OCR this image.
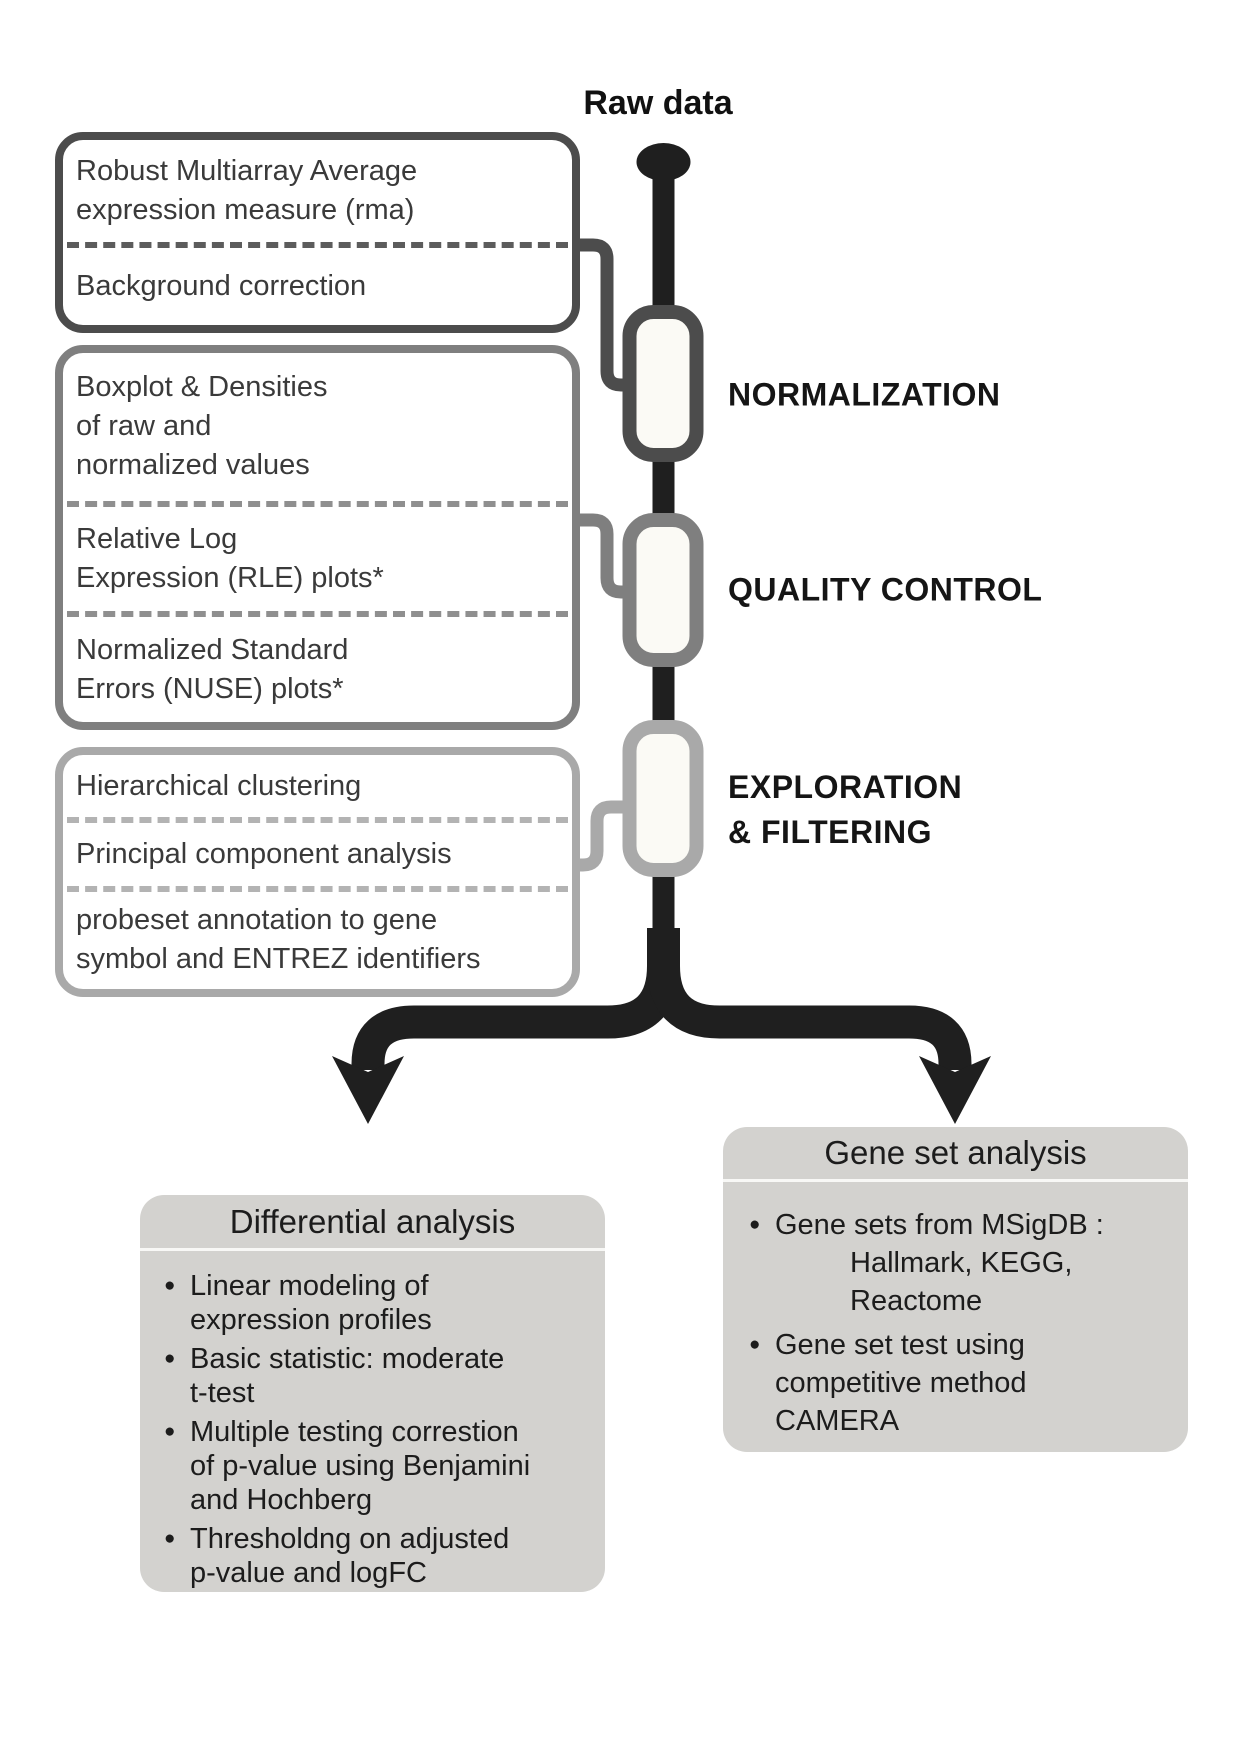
Raw data
Robust Multiarray Average
expression measure (rma)
Background correction
Boxplot & Densities
of raw and
normalized values
Relative Log
Expression (RLE) plots*
Normalized Standard
Errors (NUSE) plots*
Hierarchical clustering
Principal component analysis
probeset annotation to gene
symbol and ENTREZ identifiers
NORMALIZATION
QUALITY CONTROL
EXPLORATION
& FILTERING
Differential analysis
● Linear modeling of
expression profiles
● Basic statistic: moderate
t-test
● Multiple testing correstion
of p-value using Benjamini
and Hochberg
● Thresholdng on adjusted
p-value and logFC
Gene set analysis
● Gene sets from MSigDB :
Hallmark, KEGG,
Reactome
● Gene set test using
competitive method
CAMERA
